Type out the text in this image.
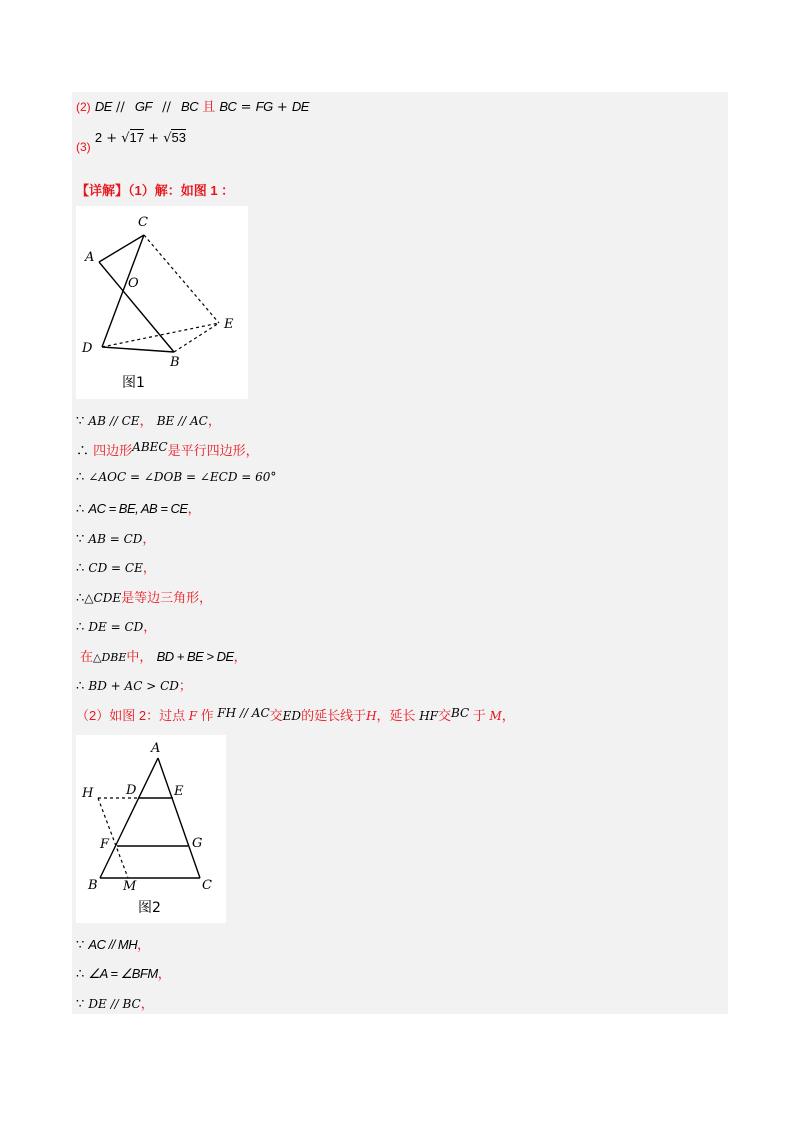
(2) DE // GF // BC 且 BC = FG + DE
(3) 2 + √17 + √53
【详解】（1）解：如图 1 ：
A
C
O
E
D
B
图1
∵ AB // CE， BE // AC，
∴ 四边形ABEC是平行四边形，
∴ ∠AOC = ∠DOB = ∠ECD = 60°
∴ AC = BE, AB = CE，
∵ AB = CD，
∴ CD = CE，
∴△CDE是等边三角形，
∴ DE = CD，
在△DBE中， BD + BE > DE，
∴ BD + AC > CD；
（2）如图 2：过点 F 作 FH // AC交ED的延长线于H，延长 HF交BC 于 M，
A
D	E
H
F	G
B M	C
图2
∵ AC // MH，
∴ ∠A = ∠BFM，
∵ DE // BC，
